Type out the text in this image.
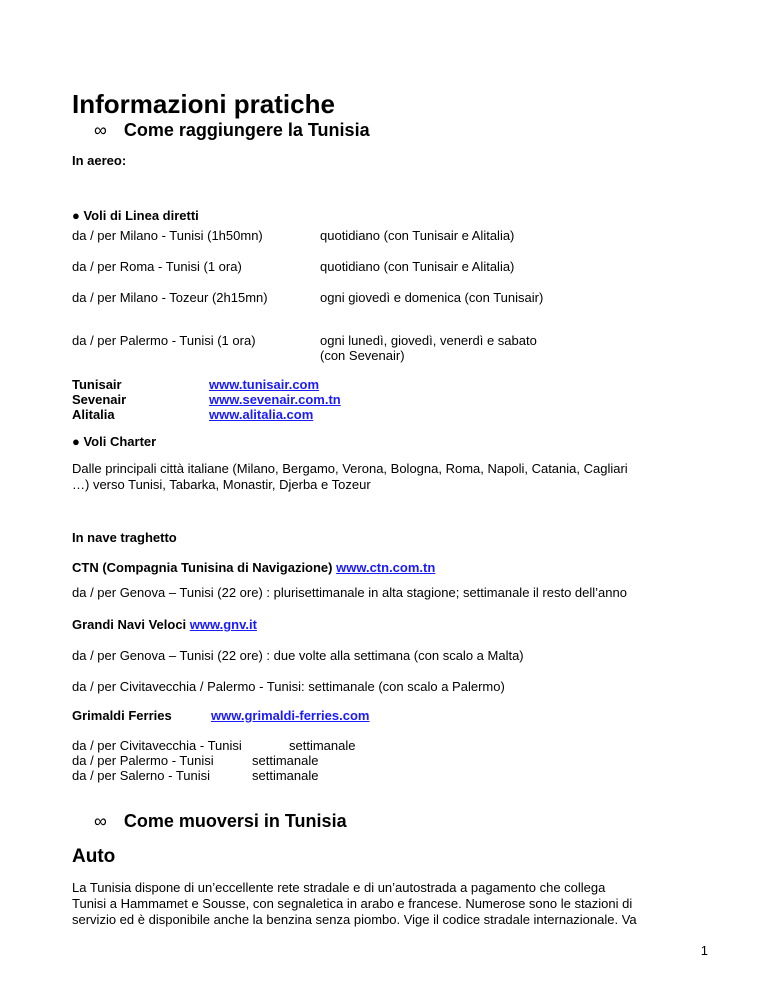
Informazioni pratiche
∞ Come raggiungere la Tunisia
In aereo:
● Voli di Linea diretti
da / per Milano - Tunisi (1h50mn)	quotidiano (con Tunisair e Alitalia)
da / per Roma - Tunisi (1 ora)	quotidiano (con Tunisair e Alitalia)
da / per Milano - Tozeur (2h15mn)	ogni giovedì e domenica (con Tunisair)
da / per Palermo - Tunisi (1 ora)	ogni lunedì, giovedì, venerdì e sabato
(con Sevenair)
Tunisair	www.tunisair.com
Sevenair	www.sevenair.com.tn
Alitalia	www.alitalia.com
● Voli Charter
Dalle principali città italiane (Milano, Bergamo, Verona, Bologna, Roma, Napoli, Catania, Cagliari
…) verso Tunisi, Tabarka, Monastir, Djerba e Tozeur
In nave traghetto
CTN (Compagnia Tunisina di Navigazione) www.ctn.com.tn
da / per Genova – Tunisi (22 ore) : plurisettimanale in alta stagione; settimanale il resto dell’anno
Grandi Navi Veloci www.gnv.it
da / per Genova – Tunisi (22 ore) : due volte alla settimana (con scalo a Malta)
da / per Civitavecchia / Palermo - Tunisi: settimanale (con scalo a Palermo)
Grimaldi Ferries	www.grimaldi-ferries.com
da / per Civitavecchia - Tunisi	settimanale
da / per Palermo - Tunisi	settimanale
da / per Salerno - Tunisi	settimanale
∞ Come muoversi in Tunisia
Auto
La Tunisia dispone di un’eccellente rete stradale e di un’autostrada a pagamento che collega
Tunisi a Hammamet e Sousse, con segnaletica in arabo e francese. Numerose sono le stazioni di
servizio ed è disponibile anche la benzina senza piombo. Vige il codice stradale internazionale. Va
1
